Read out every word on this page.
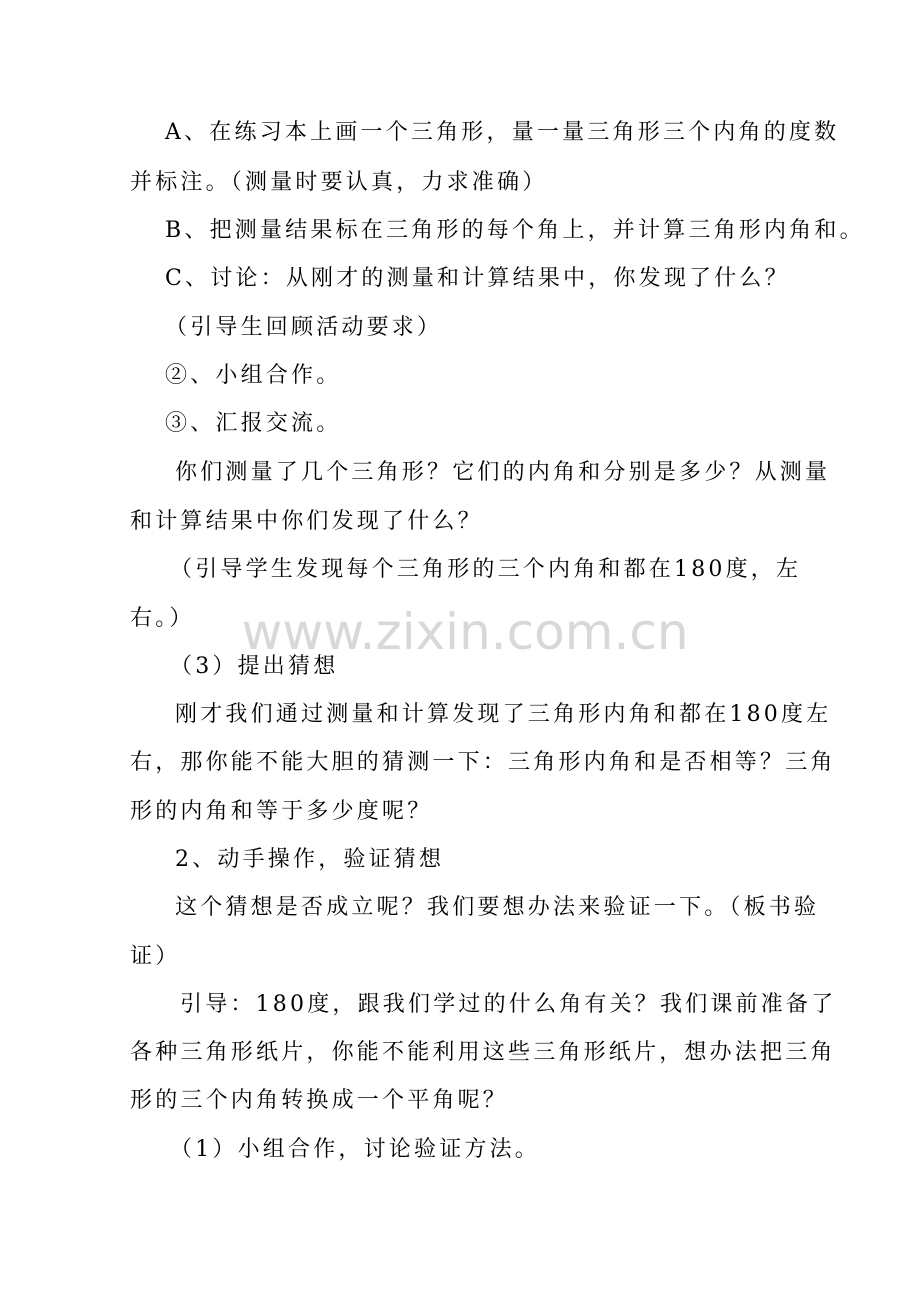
A、在练习本上画一个三角形，量一量三角形三个内角的度数
并标注。（测量时要认真，力求准确）
B、把测量结果标在三角形的每个角上，并计算三角形内角和。
C、讨论：从刚才的测量和计算结果中，你发现了什么？
（引导生回顾活动要求）
②、小组合作。
③、汇报交流。
你们测量了几个三角形？它们的内角和分别是多少？从测量
和计算结果中你们发现了什么？
（引导学生发现每个三角形的三个内角和都在180度，左
右。）
（3）提出猜想
刚才我们通过测量和计算发现了三角形内角和都在180度左
右，那你能不能大胆的猜测一下：三角形内角和是否相等？三角
形的内角和等于多少度呢？
2、动手操作，验证猜想
这个猜想是否成立呢？我们要想办法来验证一下。（板书验
证）
引导：180度，跟我们学过的什么角有关？我们课前准备了
各种三角形纸片，你能不能利用这些三角形纸片，想办法把三角
形的三个内角转换成一个平角呢？
（1）小组合作，讨论验证方法。
www.zixin.com.cn
